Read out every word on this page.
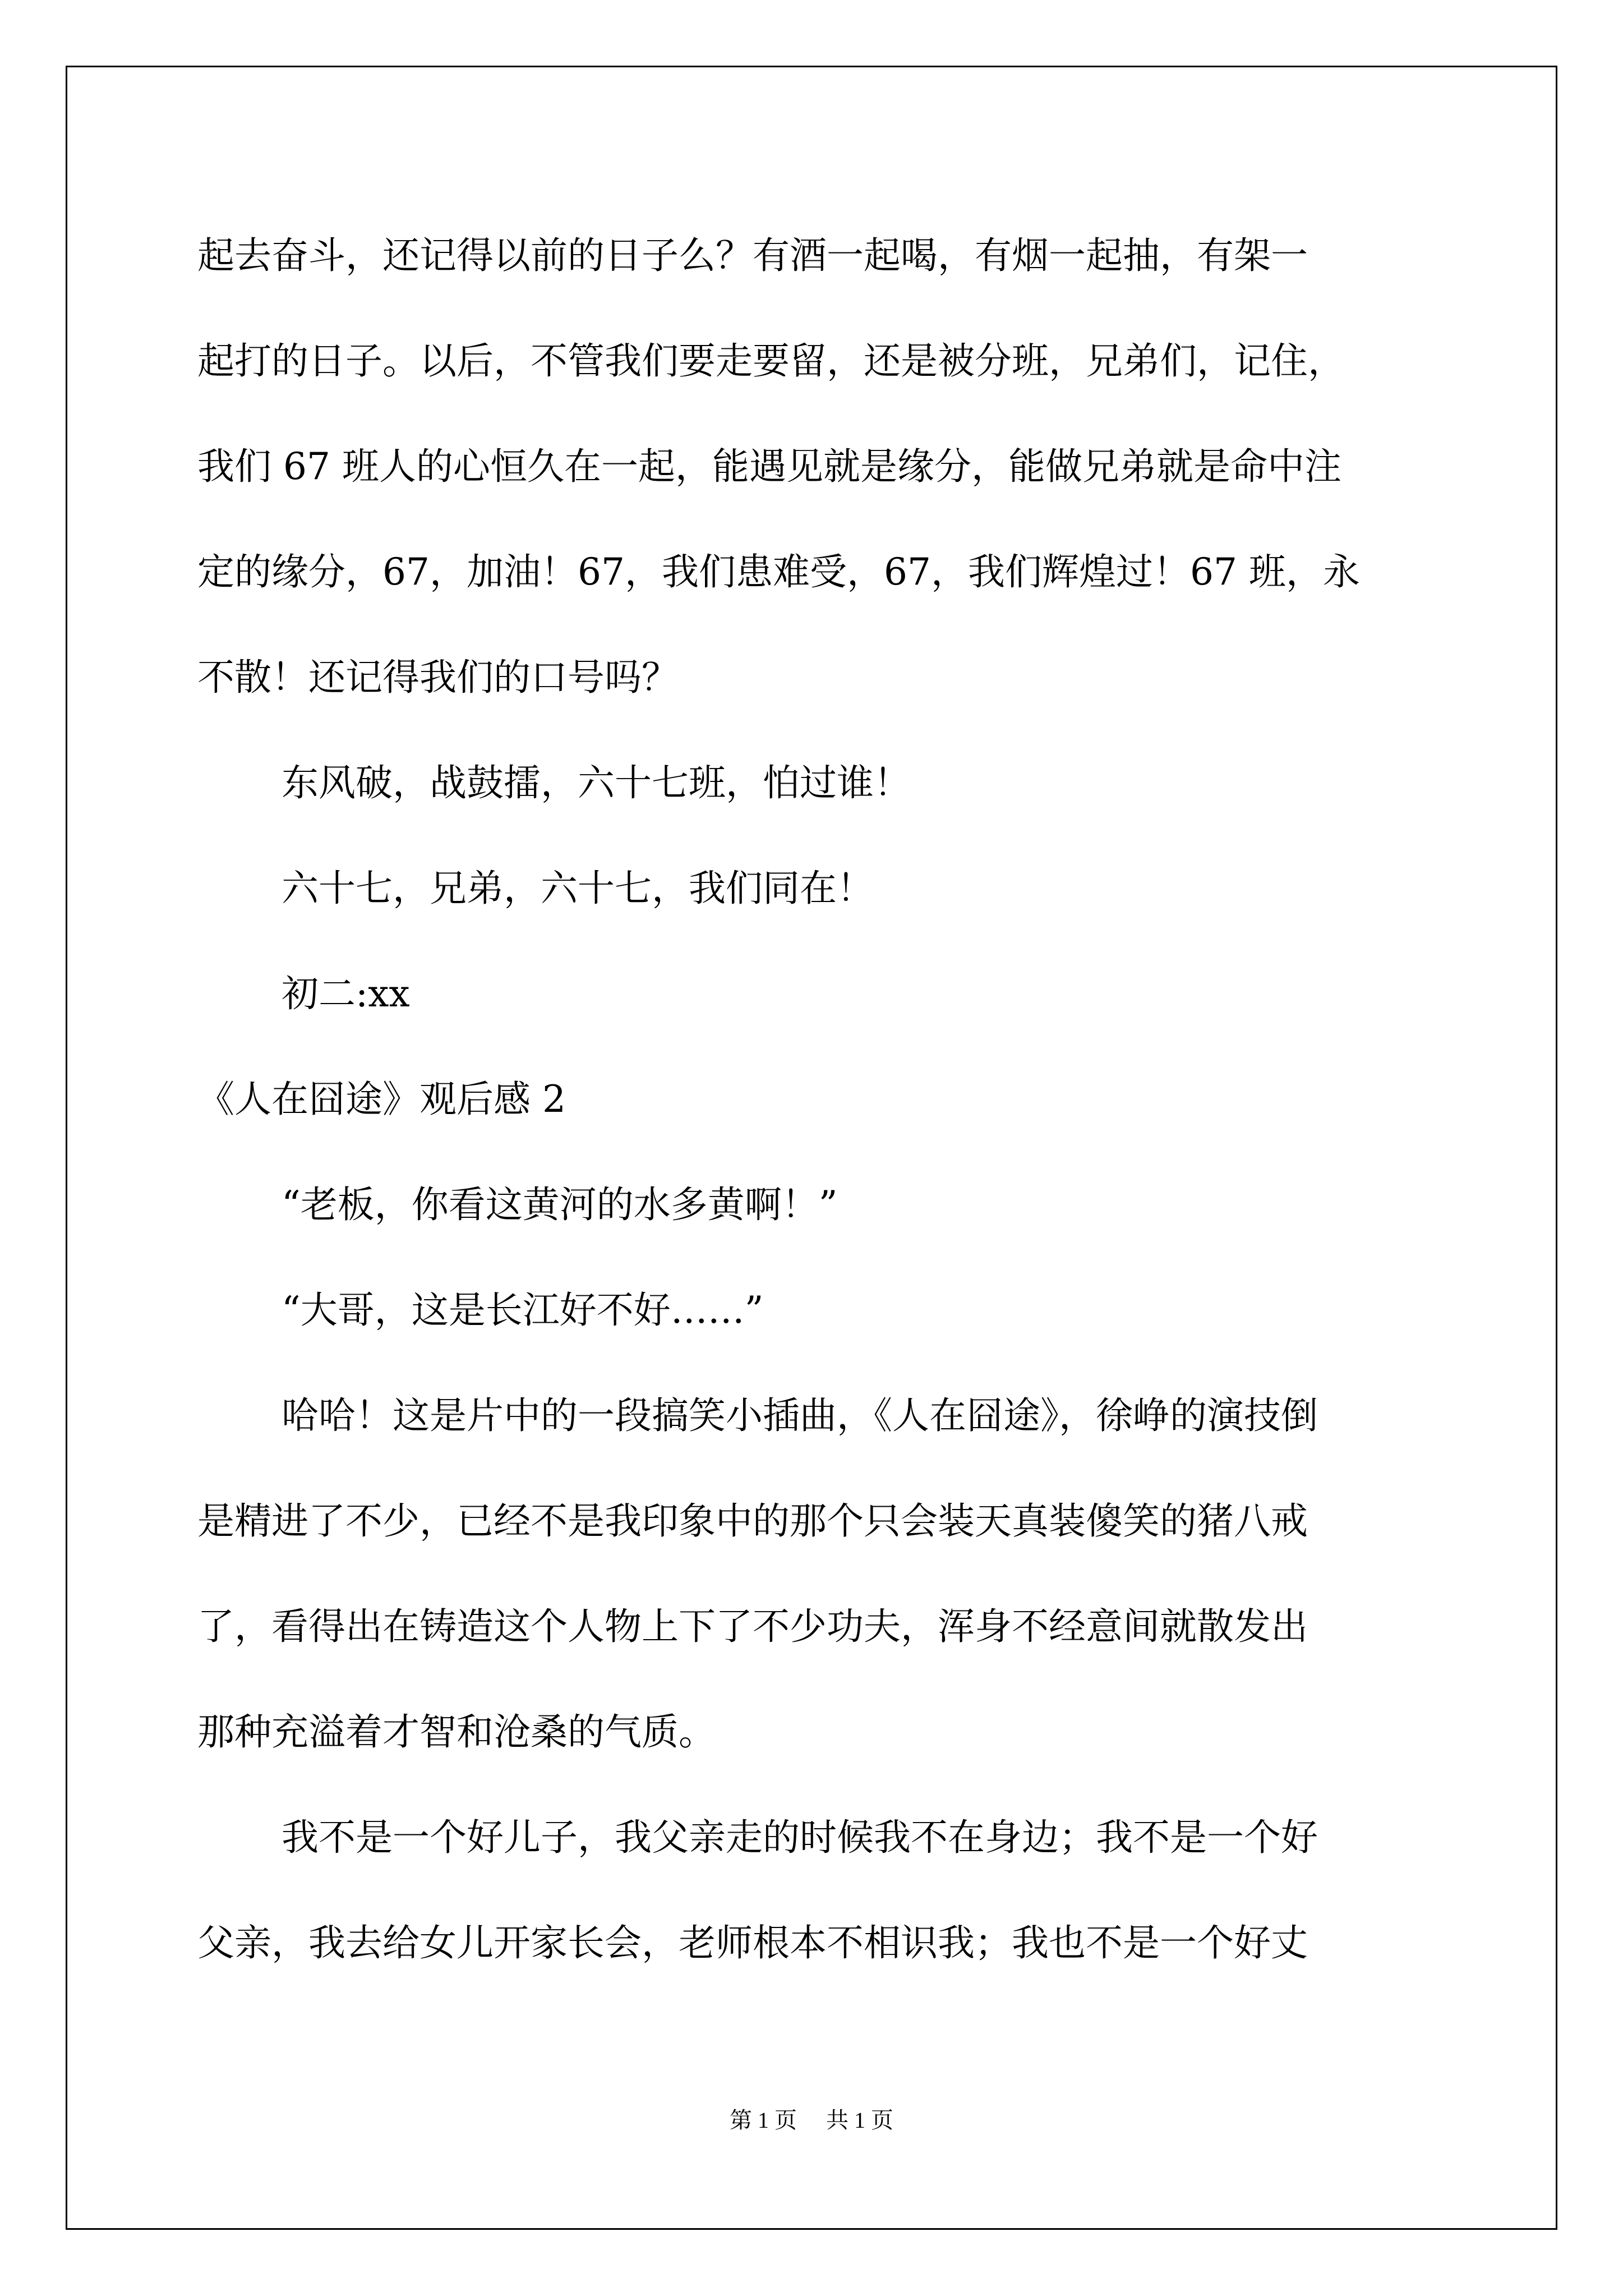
起去奋斗，还记得以前的日子么？有酒一起喝，有烟一起抽，有架一

起打的日子。以后，不管我们要走要留，还是被分班，兄弟们，记住，

我们 67 班人的心恒久在一起，能遇见就是缘分，能做兄弟就是命中注

定的缘分，67，加油！67，我们患难受，67，我们辉煌过！67 班，永

不散！还记得我们的口号吗？

东风破，战鼓擂，六十七班，怕过谁！

六十七，兄弟，六十七，我们同在！

初二:xx

《人在囧途》观后感 2

“老板，你看这黄河的水多黄啊！”

“大哥，这是长江好不好……”

哈哈！这是片中的一段搞笑小插曲，《人在囧途》，徐峥的演技倒

是精进了不少，已经不是我印象中的那个只会装天真装傻笑的猪八戒

了，看得出在铸造这个人物上下了不少功夫，浑身不经意间就散发出

那种充溢着才智和沧桑的气质。

我不是一个好儿子，我父亲走的时候我不在身边；我不是一个好

父亲，我去给女儿开家长会，老师根本不相识我；我也不是一个好丈

第 1 页 共 1 页
